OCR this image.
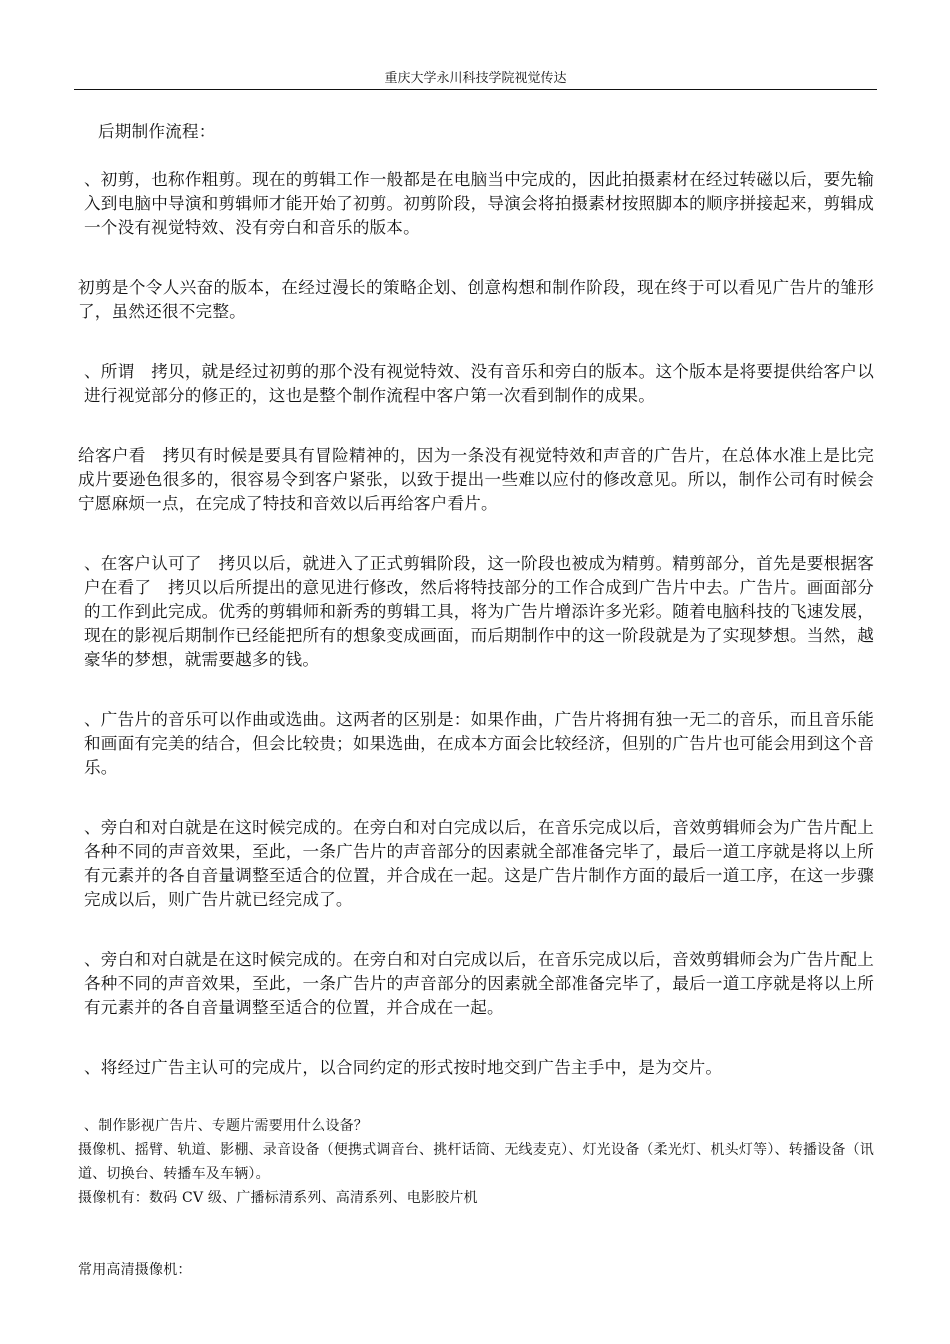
重庆大学永川科技学院视觉传达

后期制作流程：

、初剪，也称作粗剪。现在的剪辑工作一般都是在电脑当中完成的，因此拍摄素材在经过转磁以后，要先输入到电脑中导演和剪辑师才能开始了初剪。初剪阶段，导演会将拍摄素材按照脚本的顺序拼接起来，剪辑成一个没有视觉特效、没有旁白和音乐的版本。

初剪是个令人兴奋的版本，在经过漫长的策略企划、创意构想和制作阶段，现在终于可以看见广告片的雏形了，虽然还很不完整。

、所谓　拷贝，就是经过初剪的那个没有视觉特效、没有音乐和旁白的版本。这个版本是将要提供给客户以进行视觉部分的修正的，这也是整个制作流程中客户第一次看到制作的成果。

给客户看　拷贝有时候是要具有冒险精神的，因为一条没有视觉特效和声音的广告片，在总体水准上是比完成片要逊色很多的，很容易令到客户紧张，以致于提出一些难以应付的修改意见。所以，制作公司有时候会宁愿麻烦一点，在完成了特技和音效以后再给客户看片。

、在客户认可了　拷贝以后，就进入了正式剪辑阶段，这一阶段也被成为精剪。精剪部分，首先是要根据客户在看了　拷贝以后所提出的意见进行修改，然后将特技部分的工作合成到广告片中去。广告片。画面部分的工作到此完成。优秀的剪辑师和新秀的剪辑工具，将为广告片增添许多光彩。随着电脑科技的飞速发展，现在的影视后期制作已经能把所有的想象变成画面，而后期制作中的这一阶段就是为了实现梦想。当然，越豪华的梦想，就需要越多的钱。

、广告片的音乐可以作曲或选曲。这两者的区别是：如果作曲，广告片将拥有独一无二的音乐，而且音乐能和画面有完美的结合，但会比较贵；如果选曲，在成本方面会比较经济，但别的广告片也可能会用到这个音乐。

、旁白和对白就是在这时候完成的。在旁白和对白完成以后，在音乐完成以后，音效剪辑师会为广告片配上各种不同的声音效果，至此，一条广告片的声音部分的因素就全部准备完毕了，最后一道工序就是将以上所有元素并的各自音量调整至适合的位置，并合成在一起。这是广告片制作方面的最后一道工序，在这一步骤完成以后，则广告片就已经完成了。

、旁白和对白就是在这时候完成的。在旁白和对白完成以后，在音乐完成以后，音效剪辑师会为广告片配上各种不同的声音效果，至此，一条广告片的声音部分的因素就全部准备完毕了，最后一道工序就是将以上所有元素并的各自音量调整至适合的位置，并合成在一起。

、将经过广告主认可的完成片，以合同约定的形式按时地交到广告主手中，是为交片。

、制作影视广告片、专题片需要用什么设备？

摄像机、摇臂、轨道、影棚、录音设备（便携式调音台、挑杆话筒、无线麦克）、灯光设备（柔光灯、机头灯等）、转播设备（讯道、切换台、转播车及车辆）。

摄像机有：数码 CV 级、广播标清系列、高清系列、电影胶片机

常用高清摄像机：
